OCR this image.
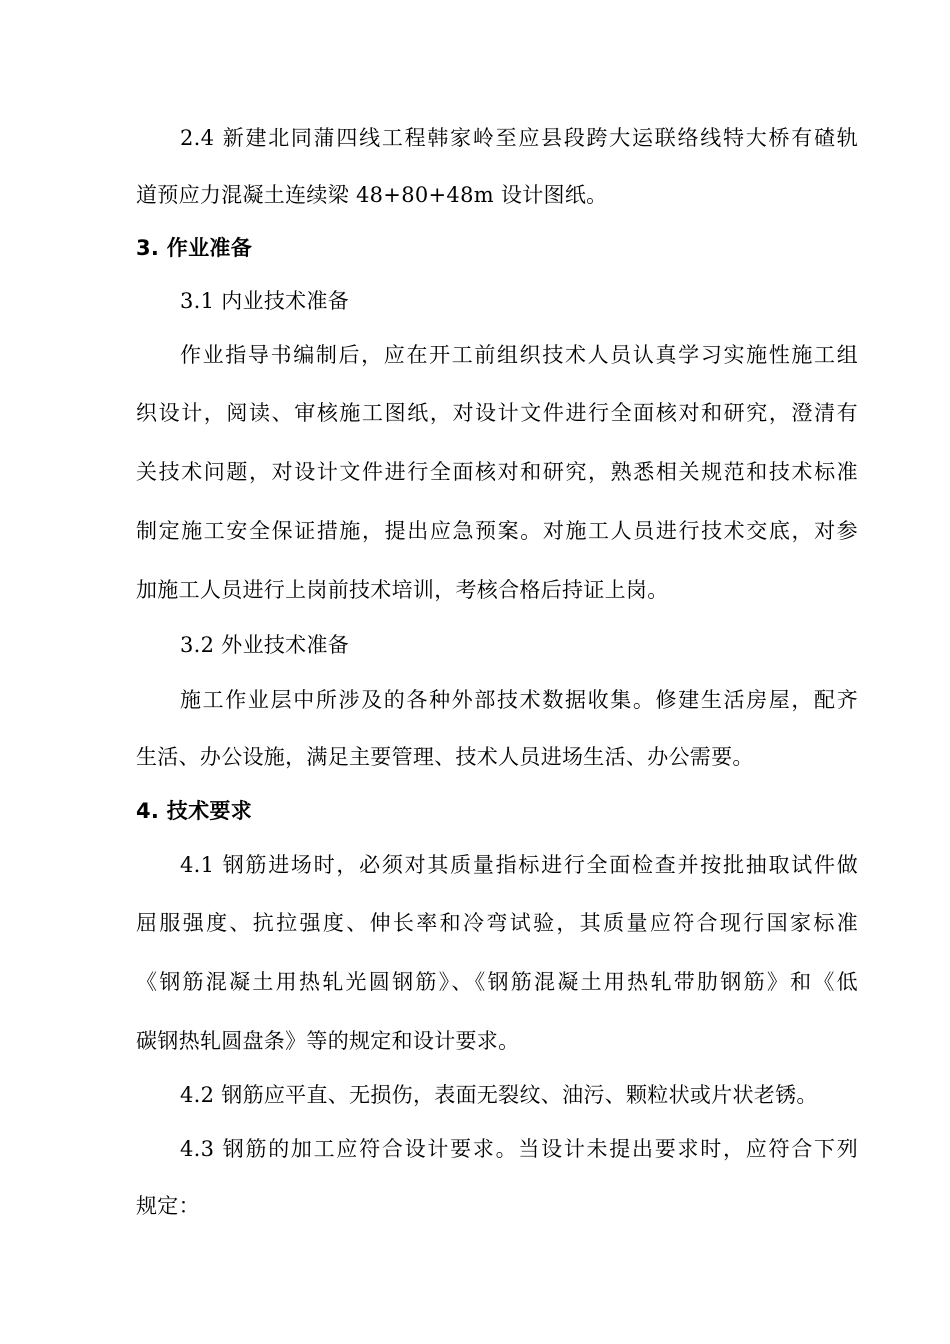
2.4 新建北同蒲四线工程韩家岭至应县段跨大运联络线特大桥有碴轨
道预应力混凝土连续梁 48+80+48m 设计图纸。
3. 作业准备
3.1 内业技术准备
作业指导书编制后，应在开工前组织技术人员认真学习实施性施工组
织设计，阅读、审核施工图纸，对设计文件进行全面核对和研究，澄清有
关技术问题，对设计文件进行全面核对和研究，熟悉相关规范和技术标准
制定施工安全保证措施，提出应急预案。对施工人员进行技术交底，对参
加施工人员进行上岗前技术培训，考核合格后持证上岗。
3.2 外业技术准备
施工作业层中所涉及的各种外部技术数据收集。修建生活房屋，配齐
生活、办公设施，满足主要管理、技术人员进场生活、办公需要。
4. 技术要求
4.1 钢筋进场时，必须对其质量指标进行全面检查并按批抽取试件做
屈服强度、抗拉强度、伸长率和冷弯试验，其质量应符合现行国家标准
《钢筋混凝土用热轧光圆钢筋》、《钢筋混凝土用热轧带肋钢筋》和《低
碳钢热轧圆盘条》等的规定和设计要求。
4.2 钢筋应平直、无损伤，表面无裂纹、油污、颗粒状或片状老锈。
4.3 钢筋的加工应符合设计要求。当设计未提出要求时，应符合下列
规定：
